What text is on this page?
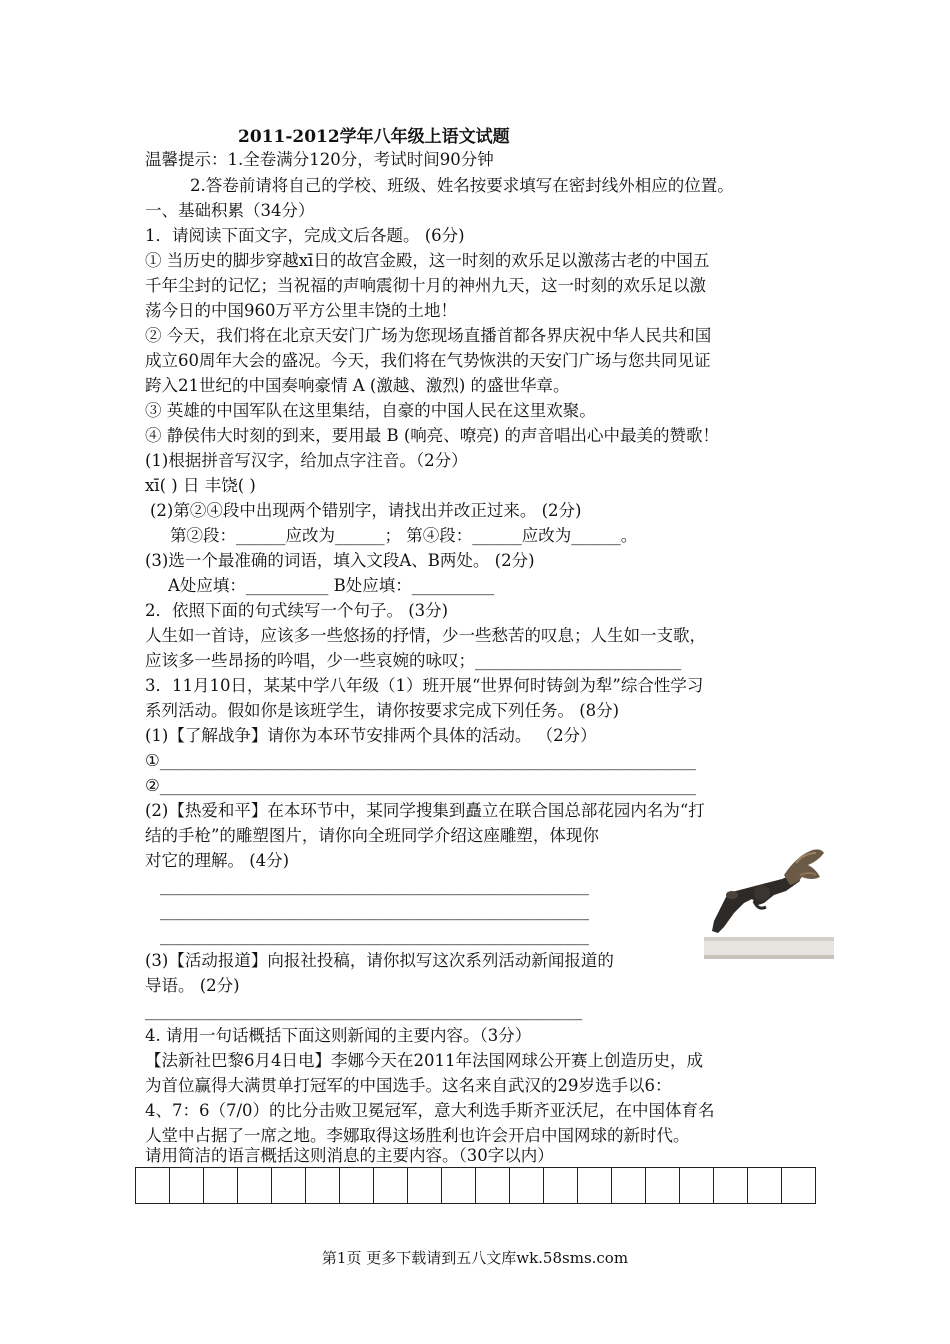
2011-2012学年八年级上语文试题
温馨提示：1.全卷满分120分，考试时间90分钟
2.答卷前请将自己的学校、班级、姓名按要求填写在密封线外相应的位置。
一、基础积累（34分）
1．请阅读下面文字，完成文后各题。 (6分)
① 当历史的脚步穿越xī日的故宫金殿，这一时刻的欢乐足以激荡古老的中国五
千年尘封的记忆；当祝福的声响震彻十月的神州九天，这一时刻的欢乐足以激
荡今日的中国960万平方公里丰饶的土地！
② 今天，我们将在北京天安门广场为您现场直播首都各界庆祝中华人民共和国
成立60周年大会的盛况。今天，我们将在气势恢洪的天安门广场与您共同见证
跨入21世纪的中国奏响豪情 A (激越、激烈) 的盛世华章。
③ 英雄的中国军队在这里集结，自豪的中国人民在这里欢聚。
④ 静侯伟大时刻的到来，要用最 B (响亮、嘹亮) 的声音唱出心中最美的赞歌！
(1)根据拼音写汉字，给加点字注音。（2分）
xī( ) 日 丰饶( )
(2)第②④段中出现两个错别字，请找出并改正过来。 (2分)
第②段：______应改为______； 第④段：______应改为______。
(3)选一个最准确的词语，填入文段A、B两处。 (2分)
A处应填：__________ B处应填：__________
2．依照下面的句式续写一个句子。 (3分)
人生如一首诗，应该多一些悠扬的抒情，少一些愁苦的叹息；人生如一支歌，
应该多一些昂扬的吟唱，少一些哀婉的咏叹；_________________________
3．11月10日，某某中学八年级（1）班开展“世界何时铸剑为犁”综合性学习
系列活动。假如你是该班学生，请你按要求完成下列任务。 (8分)
(1)【了解战争】请你为本环节安排两个具体的活动。 （2分）
①_________________________________________________________________
②_________________________________________________________________
(2)【热爱和平】在本环节中，某同学搜集到矗立在联合国总部花园内名为“打
结的手枪”的雕塑图片，请你向全班同学介绍这座雕塑，体现你
对它的理解。 (4分)
____________________________________________________
____________________________________________________
____________________________________________________
(3)【活动报道】向报社投稿，请你拟写这次系列活动新闻报道的
导语。 (2分)
_____________________________________________________
4. 请用一句话概括下面这则新闻的主要内容。（3分）
【法新社巴黎6月4日电】李娜今天在2011年法国网球公开赛上创造历史，成
为首位赢得大满贯单打冠军的中国选手。这名来自武汉的29岁选手以6：
4、7：6（7/0）的比分击败卫冕冠军，意大利选手斯齐亚沃尼，在中国体育名
人堂中占据了一席之地。李娜取得这场胜利也许会开启中国网球的新时代。
请用简洁的语言概括这则消息的主要内容。（30字以内）

第1页 更多下载请到五八文库wk.58sms.com
